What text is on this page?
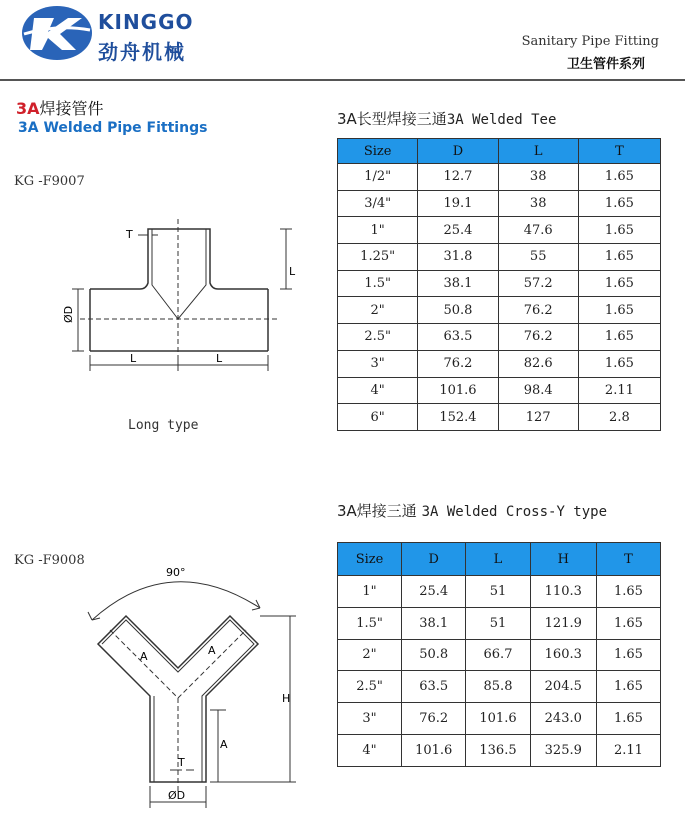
KINGGO
劲舟机械	Sanitary Pipe Fitting
卫生管件系列
3A焊接管件
3A Welded Pipe Fittings
KG -F9007
3A长型焊接三通3A Welded Tee
T
L
ØD
L	L
Long type
Size	D	L	T
1/2"	12.7	38	1.65
3/4"	19.1	38	1.65
1"	25.4	47.6	1.65
1.25"	31.8	55	1.65
1.5"	38.1	57.2	1.65
2"	50.8	76.2	1.65
2.5"	63.5	76.2	1.65
3"	76.2	82.6	1.65
4"	101.6	98.4	2.11
6"	152.4	127	2.8
3A焊接三通 3A Welded Cross-Y type
KG -F9008
90°
A	A
H
A
T
ØD
Size	D	L	H	T
1"	25.4	51	110.3	1.65
1.5"	38.1	51	121.9	1.65
2"	50.8	66.7	160.3	1.65
2.5"	63.5	85.8	204.5	1.65
3"	76.2	101.6	243.0	1.65
4"	101.6	136.5	325.9	2.11
